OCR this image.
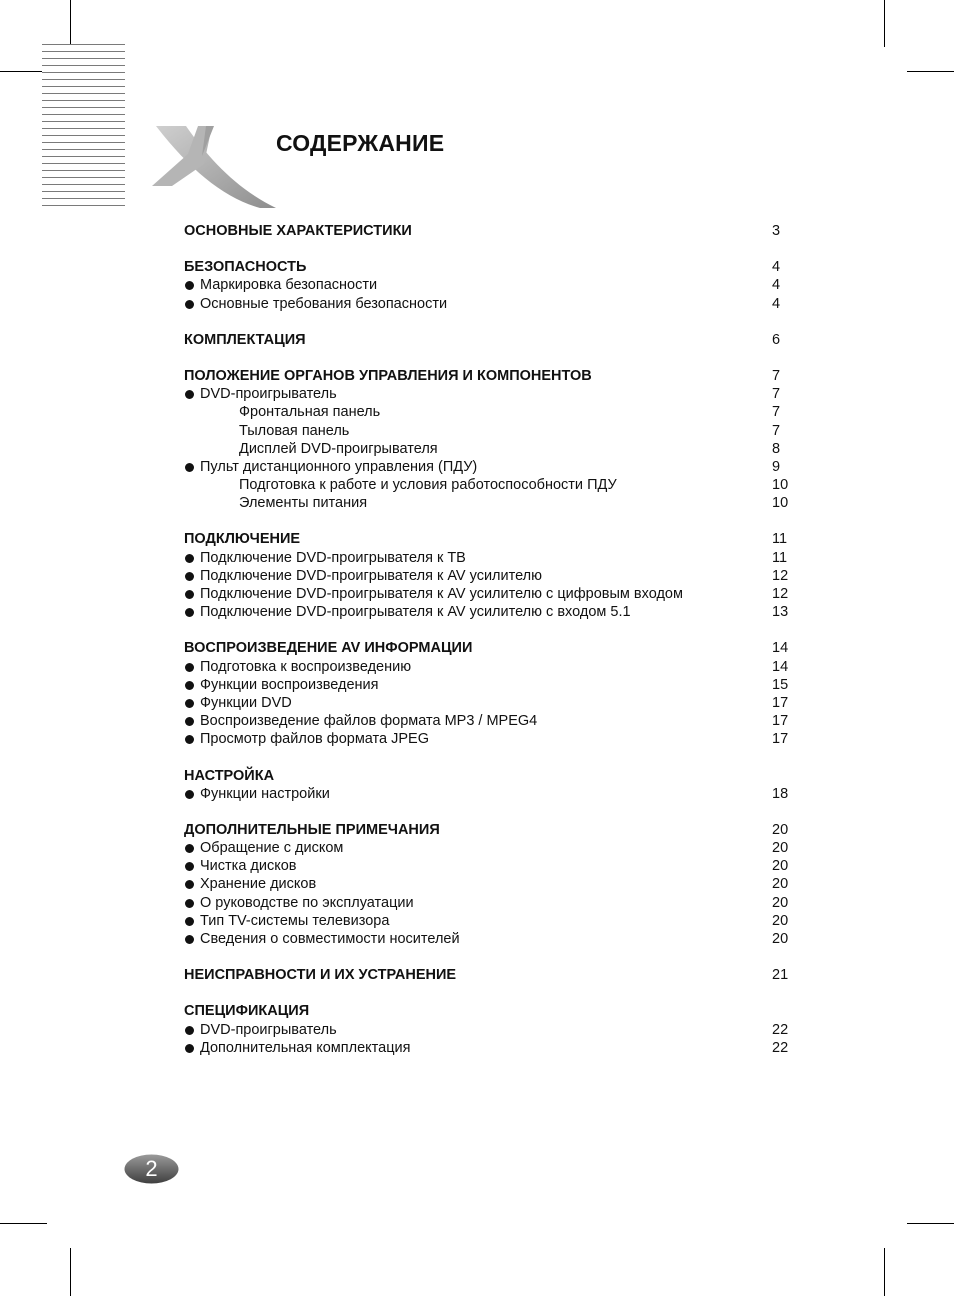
СОДЕРЖАНИЕ
ОСНОВНЫЕ ХАРАКТЕРИСТИКИ	3
БЕЗОПАСНОСТЬ	4
Маркировка безопасности	4
Основные требования безопасности	4
КОМПЛЕКТАЦИЯ	6
ПОЛОЖЕНИЕ ОРГАНОВ УПРАВЛЕНИЯ И КОМПОНЕНТОВ	7
DVD-проигрыватель	7
Фронтальная панель	7
Тыловая панель	7
Дисплей DVD-проигрывателя	8
Пульт дистанционного управления (ПДУ)	9
Подготовка к работе и условия работоспособности ПДУ	10
Элементы питания	10
ПОДКЛЮЧЕНИЕ	11
Подключение DVD-проигрывателя к ТВ	11
Подключение DVD-проигрывателя к AV усилителю	12
Подключение DVD-проигрывателя к AV усилителю с цифровым входом	12
Подключение DVD-проигрывателя к AV усилителю с входом 5.1	13
ВОСПРОИЗВЕДЕНИЕ AV ИНФОРМАЦИИ	14
Подготовка к воспроизведению	14
Функции воспроизведения	15
Функции DVD	17
Воспроизведение файлов формата MP3 / MPEG4	17
Просмотр файлов формата JPEG	17
НАСТРОЙКА
Функции настройки	18
ДОПОЛНИТЕЛЬНЫЕ ПРИМЕЧАНИЯ	20
Обращение с диском	20
Чистка дисков	20
Хранение дисков	20
О руководстве по эксплуатации	20
Тип TV-системы телевизора	20
Сведения о совместимости носителей	20
НЕИСПРАВНОСТИ И ИХ УСТРАНЕНИЕ	21
СПЕЦИФИКАЦИЯ
DVD-проигрыватель	22
Дополнительная комплектация	22
2
